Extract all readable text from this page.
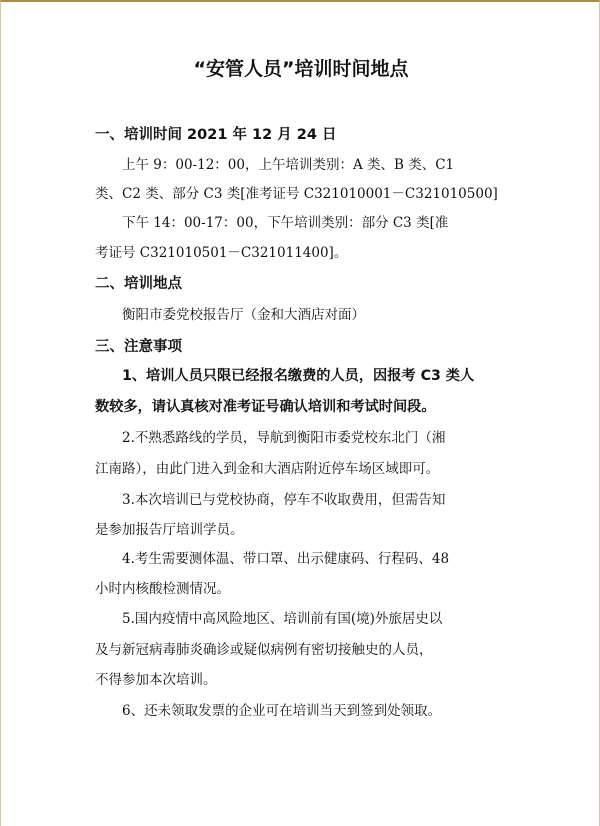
“安管人员”培训时间地点
一、培训时间 2021 年 12 月 24 日
上午 9：00-12：00，上午培训类别：A 类、B 类、C1
类、C2 类、部分 C3 类[准考证号 C321010001－C321010500]
下午 14：00-17：00，下午培训类别：部分 C3 类[准
考证号 C321010501－C321011400]。
二、培训地点
衡阳市委党校报告厅（金和大酒店对面）
三、注意事项
1、培训人员只限已经报名缴费的人员，因报考 C3 类人
数较多，请认真核对准考证号确认培训和考试时间段。
2.不熟悉路线的学员，导航到衡阳市委党校东北门（湘
江南路），由此门进入到金和大酒店附近停车场区域即可。
3.本次培训已与党校协商，停车不收取费用，但需告知
是参加报告厅培训学员。
4.考生需要测体温、带口罩、出示健康码、行程码、48
小时内核酸检测情况。
5.国内疫情中高风险地区、培训前有国(境)外旅居史以
及与新冠病毒肺炎确诊或疑似病例有密切接触史的人员，
不得参加本次培训。
6、还未领取发票的企业可在培训当天到签到处领取。
